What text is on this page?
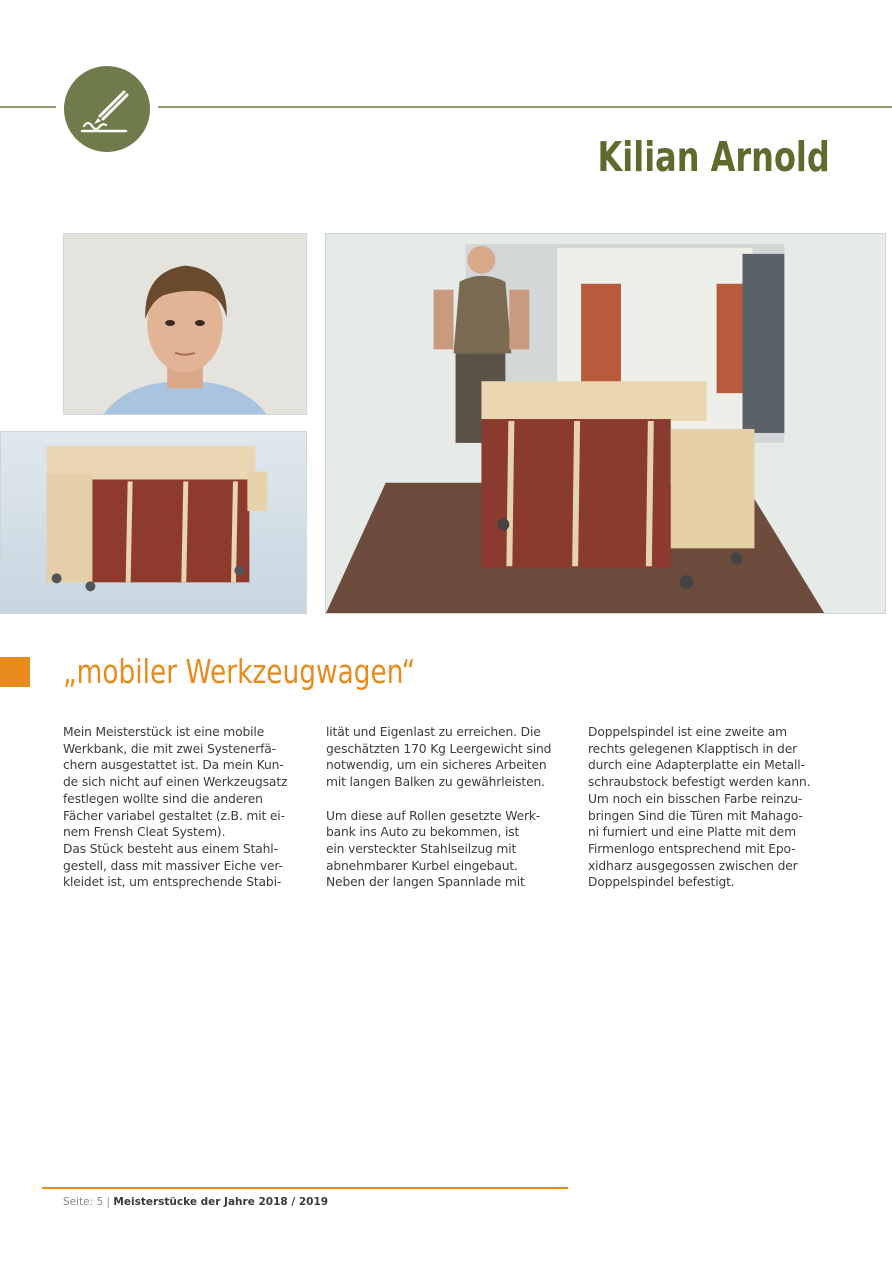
Kilian Arnold
„mobiler Werkzeugwagen“

Mein Meisterstück ist eine mobile

Werkbank, die mit zwei Systenerfä-

chern ausgestattet ist. Da mein Kun-

de sich nicht auf einen Werkzeugsatz

festlegen wollte sind die anderen

Fächer variabel gestaltet (z.B. mit ei-

nem Frensh Cleat System).

Das Stück besteht aus einem Stahl-

gestell, dass mit massiver Eiche ver-

kleidet ist, um entsprechende Stabi-

lität und Eigenlast zu erreichen. Die

geschätzten 170 Kg Leergewicht sind

notwendig, um ein sicheres Arbeiten

mit langen Balken zu gewährleisten.

Um diese auf Rollen gesetzte Werk-

bank ins Auto zu bekommen, ist

ein versteckter Stahlseilzug mit

abnehmbarer Kurbel eingebaut.

Neben der langen Spannlade mit

Doppelspindel ist eine zweite am

rechts gelegenen Klapptisch in der

durch eine Adapterplatte ein Metall-

schraubstock befestigt werden kann.

Um noch ein bisschen Farbe reinzu-

bringen Sind die Türen mit Mahago-

ni furniert und eine Platte mit dem

Firmenlogo entsprechend mit Epo-

xidharz ausgegossen zwischen der

Doppelspindel befestigt.

Seite: 5 | Meisterstücke der Jahre 2018 / 2019
